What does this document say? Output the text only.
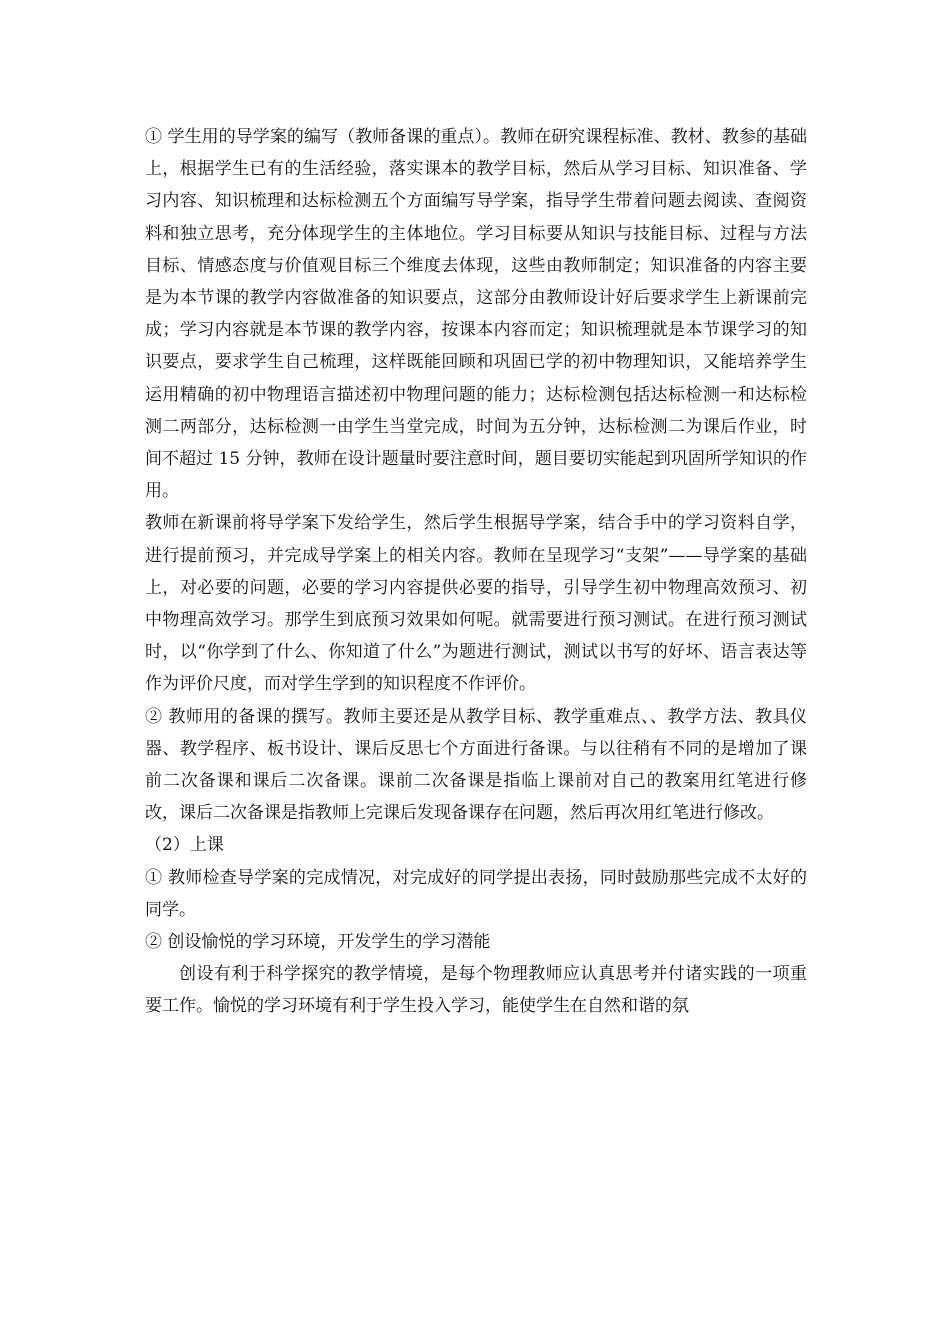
① 学生用的导学案的编写（教师备课的重点）。教师在研究课程标准、教材、教参的基础上，根据学生已有的生活经验，落实课本的教学目标，然后从学习目标、知识准备、学习内容、知识梳理和达标检测五个方面编写导学案，指导学生带着问题去阅读、查阅资料和独立思考，充分体现学生的主体地位。学习目标要从知识与技能目标、过程与方法目标、情感态度与价值观目标三个维度去体现，这些由教师制定；知识准备的内容主要是为本节课的教学内容做准备的知识要点，这部分由教师设计好后要求学生上新课前完成；学习内容就是本节课的教学内容，按课本内容而定；知识梳理就是本节课学习的知识要点，要求学生自己梳理，这样既能回顾和巩固已学的初中物理知识，又能培养学生运用精确的初中物理语言描述初中物理问题的能力；达标检测包括达标检测一和达标检测二两部分，达标检测一由学生当堂完成，时间为五分钟，达标检测二为课后作业，时间不超过 15 分钟，教师在设计题量时要注意时间，题目要切实能起到巩固所学知识的作用。

教师在新课前将导学案下发给学生，然后学生根据导学案，结合手中的学习资料自学，进行提前预习，并完成导学案上的相关内容。教师在呈现学习“支架”——导学案的基础上，对必要的问题，必要的学习内容提供必要的指导，引导学生初中物理高效预习、初中物理高效学习。那学生到底预习效果如何呢。就需要进行预习测试。在进行预习测试时，以“你学到了什么、你知道了什么”为题进行测试，测试以书写的好坏、语言表达等作为评价尺度，而对学生学到的知识程度不作评价。

② 教师用的备课的撰写。教师主要还是从教学目标、教学重难点、、教学方法、教具仪器、教学程序、板书设计、课后反思七个方面进行备课。与以往稍有不同的是增加了课前二次备课和课后二次备课。课前二次备课是指临上课前对自己的教案用红笔进行修改，课后二次备课是指教师上完课后发现备课存在问题，然后再次用红笔进行修改。

（2）上课

① 教师检查导学案的完成情况，对完成好的同学提出表扬，同时鼓励那些完成不太好的同学。

② 创设愉悦的学习环境，开发学生的学习潜能

创设有利于科学探究的教学情境，是每个物理教师应认真思考并付诸实践的一项重要工作。愉悦的学习环境有利于学生投入学习，能使学生在自然和谐的氛
